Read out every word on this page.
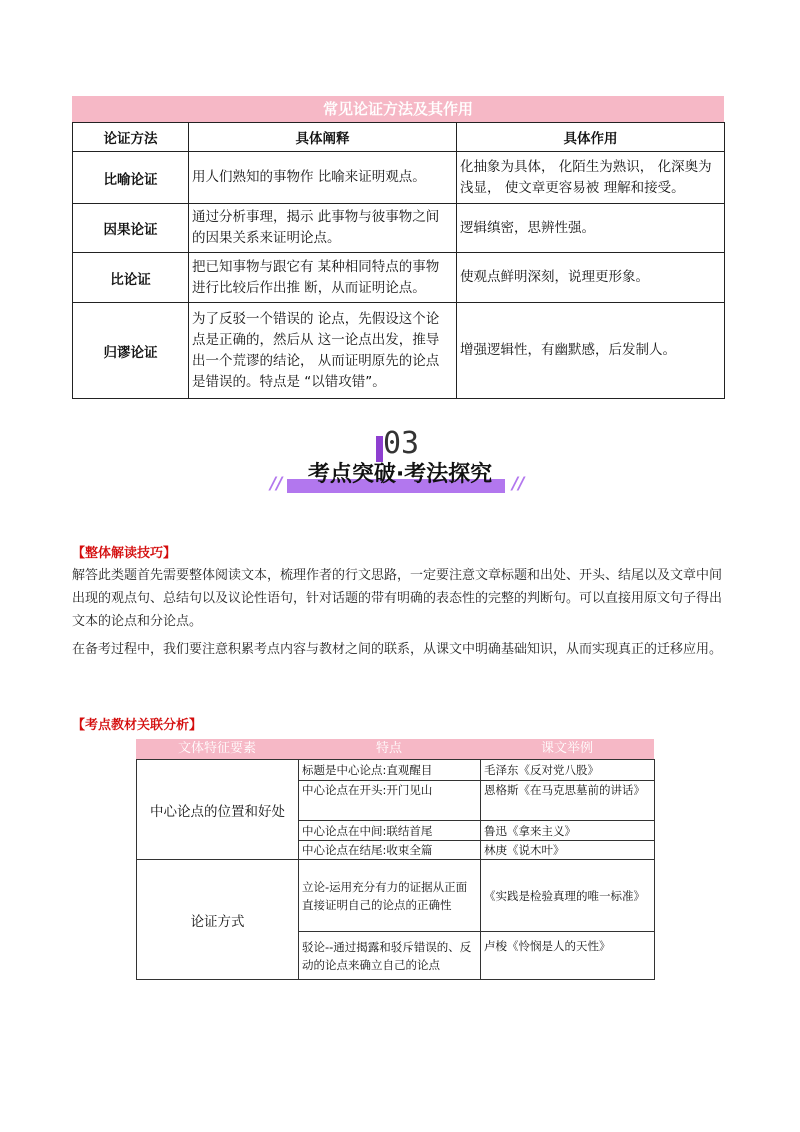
常见论证方法及其作用
论证方法	具体阐释	具体作用
比喻论证	用人们熟知的事物作 比喻来证明观点。	化抽象为具体， 化陌生为熟识， 化深奥为浅显， 使文章更容易被 理解和接受。
因果论证	通过分析事理，揭示 此事物与彼事物之间 的因果关系来证明论点。	逻辑缜密，思辨性强。
比论证	把已知事物与跟它有 某种相同特点的事物 进行比较后作出推 断，从而证明论点。	使观点鲜明深刻，说理更形象。
归谬论证	为了反驳一个错误的 论点，先假设这个论 点是正确的，然后从 这一论点出发，推导 出一个荒谬的结论， 从而证明原先的论点 是错误的。特点是 “以错攻错”。	增强逻辑性，有幽默感，后发制人。
03
考点突破·考法探究
//	//
【整体解读技巧】
解答此类题首先需要整体阅读文本，梳理作者的行文思路，一定要注意文章标题和出处、开头、结尾以及文章中间出现的观点句、总结句以及议论性语句，针对话题的带有明确的表态性的完整的判断句。可以直接用原文句子得出文本的论点和分论点。
在备考过程中，我们要注意积累考点内容与教材之间的联系，从课文中明确基础知识，从而实现真正的迁移应用。
【考点教材关联分析】
文体特征要素	特点	课文举例
中心论点的位置和好处	标题是中心论点:直观醒目	毛泽东《反对党八股》
	中心论点在开头:开门见山	恩格斯《在马克思墓前的讲话》
	中心论点在中间:联结首尾	鲁迅《拿来主义》
	中心论点在结尾:收束全篇	林庚《说木叶》
论证方式	立论-运用充分有力的证据从正面直接证明自己的论点的正确性	《实践是检验真理的唯一标准》
	驳论--通过揭露和驳斥错误的、反动的论点来确立自己的论点	卢梭《怜悯是人的天性》
